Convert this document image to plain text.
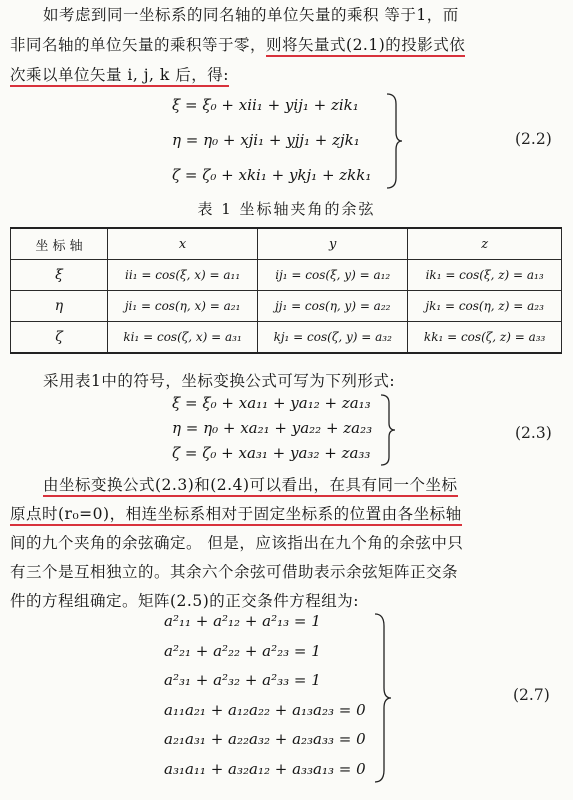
如考虑到同一坐标系的同名轴的单位矢量的乘积 等于1，而
非同名轴的单位矢量的乘积等于零，则将矢量式(2.1)的投影式依
次乘以单位矢量 i, j, k 后，得:
ξ = ξ₀ + xii₁ + yij₁ + zik₁
η = η₀ + xji₁ + yjj₁ + zjk₁
ζ = ζ₀ + xki₁ + ykj₁ + zkk₁
(2.2)
表 1 坐标轴夹角的余弦
坐 标 轴	x	y	z
ξ	ii₁ = cos(ξ, x) = a₁₁	ij₁ = cos(ξ, y) = a₁₂	ik₁ = cos(ξ, z) = a₁₃
η	ji₁ = cos(η, x) = a₂₁	jj₁ = cos(η, y) = a₂₂	jk₁ = cos(η, z) = a₂₃
ζ	ki₁ = cos(ζ, x) = a₃₁	kj₁ = cos(ζ, y) = a₃₂	kk₁ = cos(ζ, z) = a₃₃
采用表1中的符号，坐标变换公式可写为下列形式:
ξ = ξ₀ + xa₁₁ + ya₁₂ + za₁₃
η = η₀ + xa₂₁ + ya₂₂ + za₂₃
ζ = ζ₀ + xa₃₁ + ya₃₂ + za₃₃
(2.3)
由坐标变换公式(2.3)和(2.4)可以看出，在具有同一个坐标
原点时(r₀=0)，相连坐标系相对于固定坐标系的位置由各坐标轴
间的九个夹角的余弦确定。 但是，应该指出在九个角的余弦中只
有三个是互相独立的。其余六个余弦可借助表示余弦矩阵正交条
件的方程组确定。矩阵(2.5)的正交条件方程组为:
a²₁₁ + a²₁₂ + a²₁₃ = 1
a²₂₁ + a²₂₂ + a²₂₃ = 1
a²₃₁ + a²₃₂ + a²₃₃ = 1
a₁₁a₂₁ + a₁₂a₂₂ + a₁₃a₂₃ = 0
a₂₁a₃₁ + a₂₂a₃₂ + a₂₃a₃₃ = 0
a₃₁a₁₁ + a₃₂a₁₂ + a₃₃a₁₃ = 0
(2.7)
